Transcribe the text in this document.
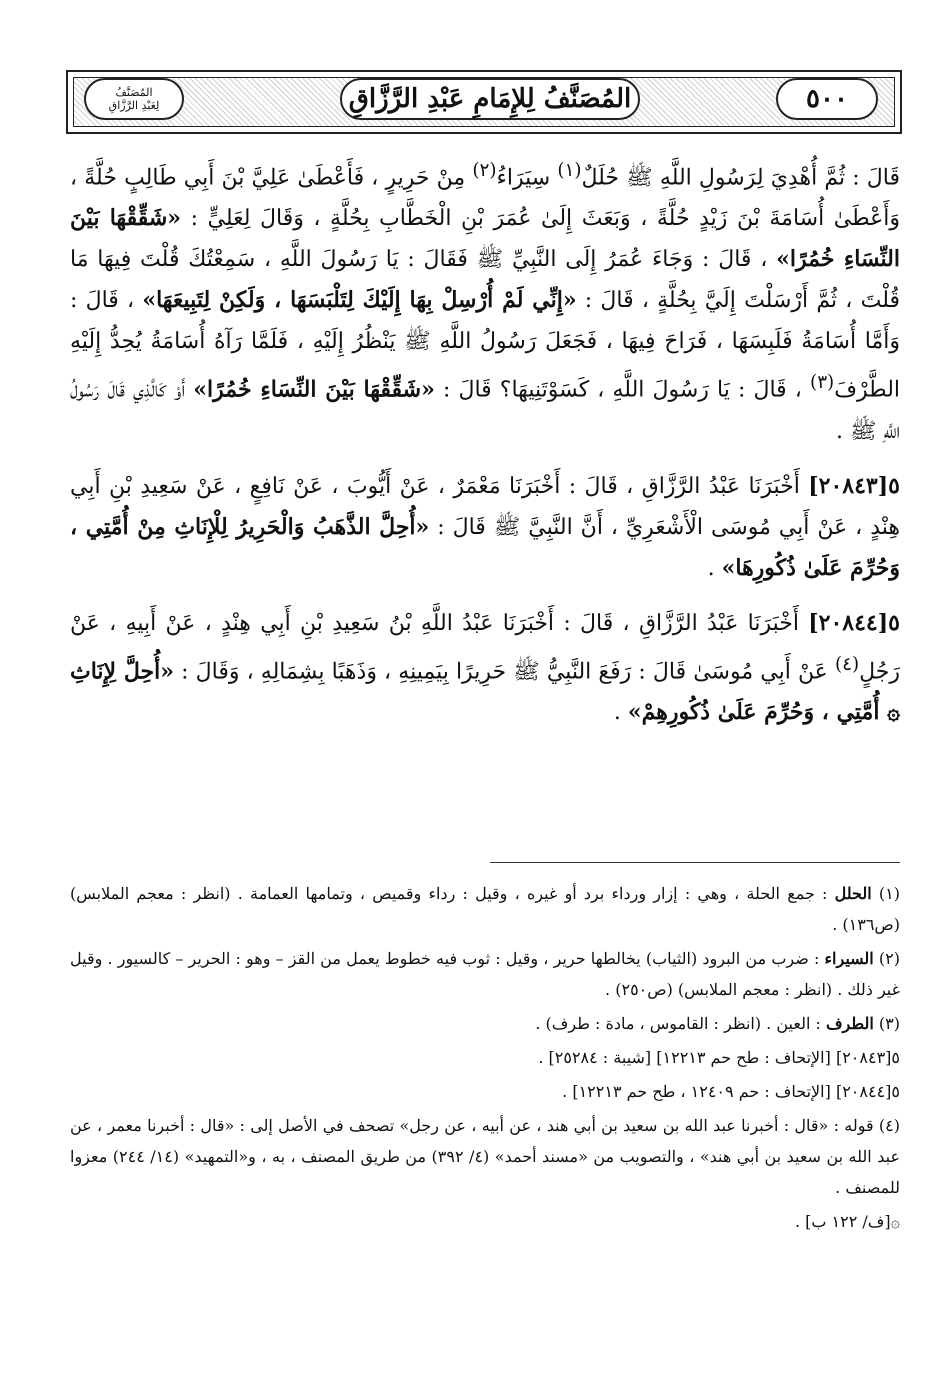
٥٠٠
المُصَنَّفُ لِلإِمَامِ عَبْدِ الرَّزَّاقِ
المُصَنَّفُ
لِعَبْدِ الرَّزَّاقِ

قَالَ : ثُمَّ أُهْدِيَ لِرَسُولِ اللَّهِ ﷺ حُلَلٌ$^{(١)}$ سِيَرَاءُ$^{(٢)}$ مِنْ حَرِيرٍ ، فَأَعْطَىٰ عَلِيَّ بْنَ أَبِي طَالِبٍ حُلَّةً ، وَأَعْطَىٰ أُسَامَةَ بْنَ زَيْدٍ حُلَّةً ، وَبَعَثَ إِلَىٰ عُمَرَ بْنِ الْخَطَّابِ بِحُلَّةٍ ، وَقَالَ لِعَلِيٍّ : «شَقِّقْهَا بَيْنَ النِّسَاءِ خُمُرًا» ، قَالَ : وَجَاءَ عُمَرُ إِلَى النَّبِيِّ ﷺ فَقَالَ : يَا رَسُولَ اللَّهِ ، سَمِعْتُكَ قُلْتَ فِيهَا مَا قُلْتَ ، ثُمَّ أَرْسَلْتَ إِلَيَّ بِحُلَّةٍ ، قَالَ : «إِنِّي لَمْ أُرْسِلْ بِهَا إِلَيْكَ لِتَلْبَسَهَا ، وَلَكِنْ لِتَبِيعَهَا» ، قَالَ : وَأَمَّا أُسَامَةُ فَلَبِسَهَا ، فَرَاحَ فِيهَا ، فَجَعَلَ رَسُولُ اللَّهِ ﷺ يَنْظُرُ إِلَيْهِ ، فَلَمَّا رَآهُ أُسَامَةُ يُحِدُّ إِلَيْهِ الطَّرْفَ$^{(٣)}$ ، قَالَ : يَا رَسُولَ اللَّهِ ، كَسَوْتَنِيهَا؟ قَالَ : «شَقِّقْهَا بَيْنَ النِّسَاءِ خُمُرًا» أَوْ كَالَّذِي قَالَ رَسُولُ اللَّهِ ﷺ .

٥[٢٠٨٤٣] أَخْبَرَنَا عَبْدُ الرَّزَّاقِ ، قَالَ : أَخْبَرَنَا مَعْمَرٌ ، عَنْ أَيُّوبَ ، عَنْ نَافِعٍ ، عَنْ سَعِيدِ بْنِ أَبِي هِنْدٍ ، عَنْ أَبِي مُوسَى الْأَشْعَرِيِّ ، أَنَّ النَّبِيَّ ﷺ قَالَ : «أُحِلَّ الذَّهَبُ وَالْحَرِيرُ لِلْإِنَاثِ مِنْ أُمَّتِي ، وَحُرِّمَ عَلَىٰ ذُكُورِهَا» .

٥[٢٠٨٤٤] أَخْبَرَنَا عَبْدُ الرَّزَّاقِ ، قَالَ : أَخْبَرَنَا عَبْدُ اللَّهِ بْنُ سَعِيدِ بْنِ أَبِي هِنْدٍ ، عَنْ أَبِيهِ ، عَنْ رَجُلٍ$^{(٤)}$ عَنْ أَبِي مُوسَىٰ قَالَ : رَفَعَ النَّبِيُّ ﷺ حَرِيرًا بِيَمِينِهِ ، وَذَهَبًا بِشِمَالِهِ ، وَقَالَ : «أُحِلَّ لِإِنَاثِ ۞ أُمَّتِي ، وَحُرِّمَ عَلَىٰ ذُكُورِهِمْ» .

(١) الحلل : جمع الحلة ، وهي : إزار ورداء برد أو غيره ، وقيل : رداء وقميص ، وتمامها العمامة . (انظر : معجم الملابس) (ص١٣٦) .

(٢) السيراء : ضرب من البرود (الثياب) يخالطها حرير ، وقيل : ثوب فيه خطوط يعمل من القز – وهو : الحرير – كالسيور . وقيل غير ذلك . (انظر : معجم الملابس) (ص٢٥٠) .

(٣) الطرف : العين . (انظر : القاموس ، مادة : طرف) .

٥[٢٠٨٤٣] [الإتحاف : طح حم ١٢٢١٣] [شيبة : ٢٥٢٨٤] .

٥[٢٠٨٤٤] [الإتحاف : حم ١٢٤٠٩ ، طح حم ١٢٢١٣] .

(٤) قوله : «قال : أخبرنا عبد الله بن سعيد بن أبي هند ، عن أبيه ، عن رجل» تصحف في الأصل إلى : «قال : أخبرنا معمر ، عن عبد الله بن سعيد بن أبي هند» ، والتصويب من «مسند أحمد» (٤/ ٣٩٢) من طريق المصنف ، به ، و«التمهيد» (١٤/ ٢٤٤) معزوا للمصنف .

۞[ف/ ١٢٢ ب] .
